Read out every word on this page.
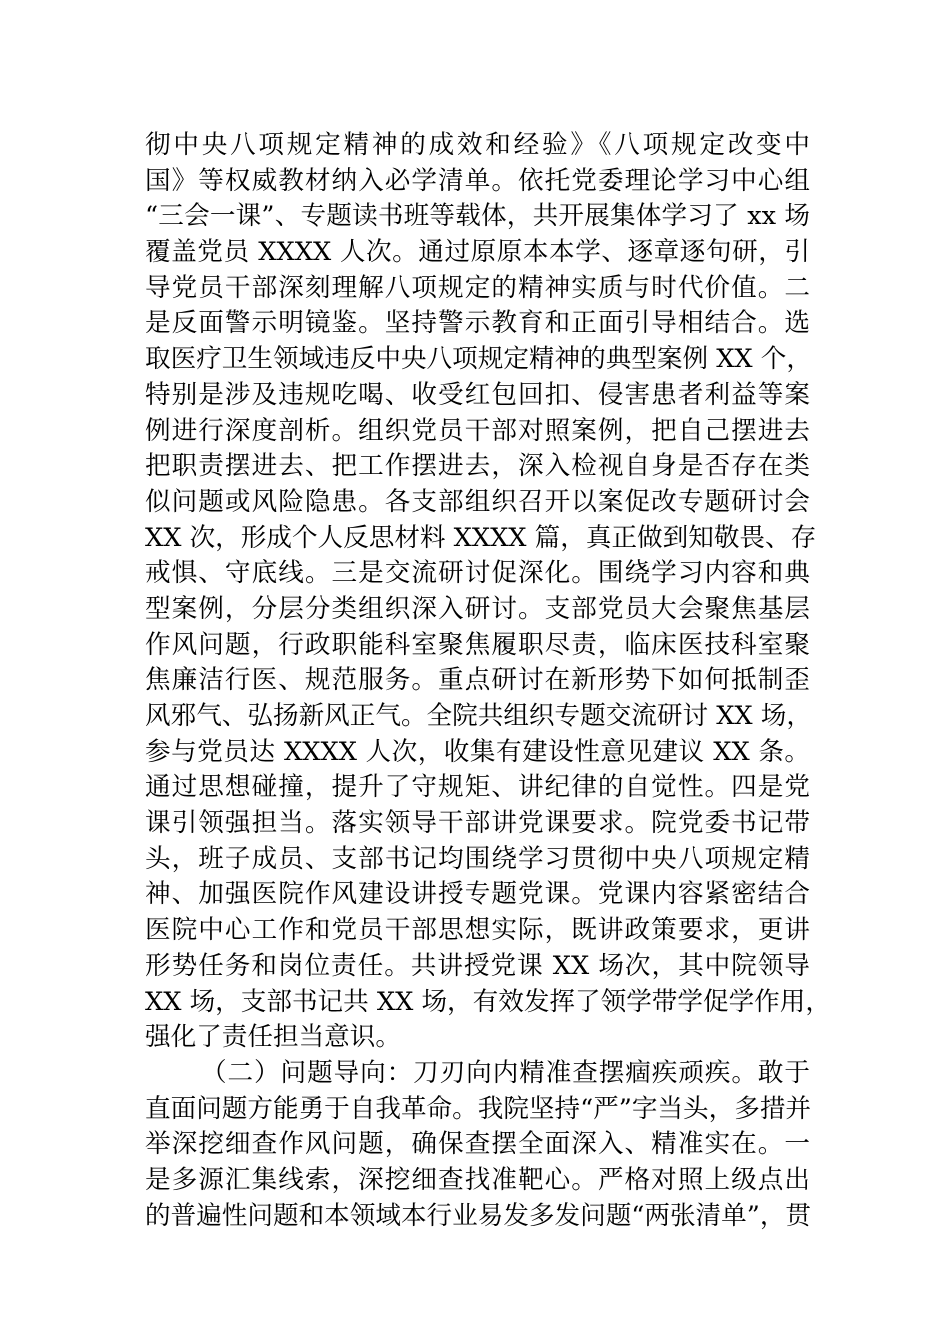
彻中央八项规定精神的成效和经验》《八项规定改变中
国》等权威教材纳入必学清单。依托党委理论学习中心组
“三会一课”、专题读书班等载体，共开展集体学习了 xx 场
覆盖党员 XXXX 人次。通过原原本本学、逐章逐句研，引
导党员干部深刻理解八项规定的精神实质与时代价值。二
是反面警示明镜鉴。坚持警示教育和正面引导相结合。选
取医疗卫生领域违反中央八项规定精神的典型案例 XX 个，
特别是涉及违规吃喝、收受红包回扣、侵害患者利益等案
例进行深度剖析。组织党员干部对照案例，把自己摆进去
把职责摆进去、把工作摆进去，深入检视自身是否存在类
似问题或风险隐患。各支部组织召开以案促改专题研讨会
XX 次，形成个人反思材料 XXXX 篇，真正做到知敬畏、存
戒惧、守底线。三是交流研讨促深化。围绕学习内容和典
型案例，分层分类组织深入研讨。支部党员大会聚焦基层
作风问题，行政职能科室聚焦履职尽责，临床医技科室聚
焦廉洁行医、规范服务。重点研讨在新形势下如何抵制歪
风邪气、弘扬新风正气。全院共组织专题交流研讨 XX 场，
参与党员达 XXXX 人次，收集有建设性意见建议 XX 条。
通过思想碰撞，提升了守规矩、讲纪律的自觉性。四是党
课引领强担当。落实领导干部讲党课要求。院党委书记带
头，班子成员、支部书记均围绕学习贯彻中央八项规定精
神、加强医院作风建设讲授专题党课。党课内容紧密结合
医院中心工作和党员干部思想实际，既讲政策要求，更讲
形势任务和岗位责任。共讲授党课 XX 场次，其中院领导
XX 场，支部书记共 XX 场，有效发挥了领学带学促学作用，
强化了责任担当意识。
（二）问题导向：刀刃向内精准查摆痼疾顽疾。敢于
直面问题方能勇于自我革命。我院坚持“严”字当头，多措并
举深挖细查作风问题，确保查摆全面深入、精准实在。一
是多源汇集线索，深挖细查找准靶心。严格对照上级点出
的普遍性问题和本领域本行业易发多发问题“两张清单”，贯
